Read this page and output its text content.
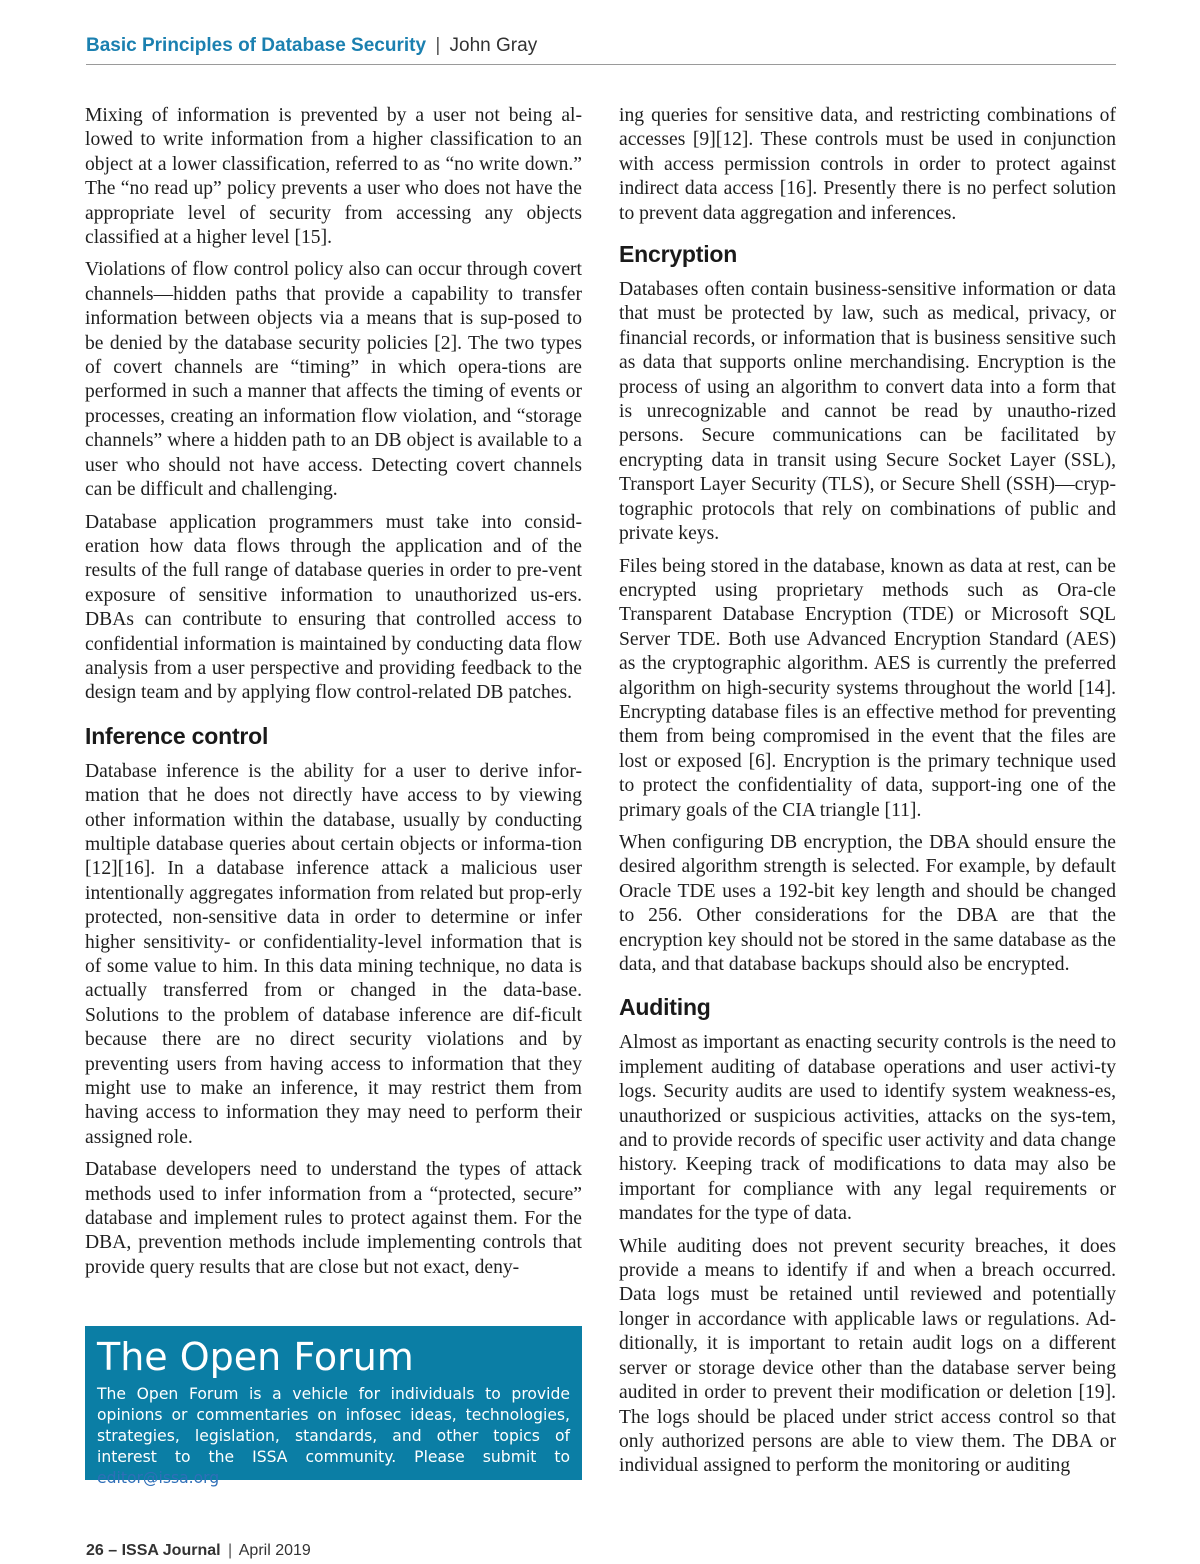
Basic Principles of Database Security | John Gray

Mixing of information is prevented by a user not being al-lowed to write information from a higher classification to an object at a lower classification, referred to as “no write down.” The “no read up” policy prevents a user who does not have the appropriate level of security from accessing any objects classified at a higher level [15].

Violations of flow control policy also can occur through covert channels—hidden paths that provide a capability to transfer information between objects via a means that is sup-posed to be denied by the database security policies [2]. The two types of covert channels are “timing” in which opera-tions are performed in such a manner that affects the timing of events or processes, creating an information flow violation, and “storage channels” where a hidden path to an DB object is available to a user who should not have access. Detecting covert channels can be difficult and challenging.

Database application programmers must take into consid-eration how data flows through the application and of the results of the full range of database queries in order to pre-vent exposure of sensitive information to unauthorized us-ers. DBAs can contribute to ensuring that controlled access to confidential information is maintained by conducting data flow analysis from a user perspective and providing feedback to the design team and by applying flow control-related DB patches.

Inference control

Database inference is the ability for a user to derive infor-mation that he does not directly have access to by viewing other information within the database, usually by conducting multiple database queries about certain objects or informa-tion [12][16]. In a database inference attack a malicious user intentionally aggregates information from related but prop-erly protected, non-sensitive data in order to determine or infer higher sensitivity- or confidentiality-level information that is of some value to him. In this data mining technique, no data is actually transferred from or changed in the data-base. Solutions to the problem of database inference are dif-ficult because there are no direct security violations and by preventing users from having access to information that they might use to make an inference, it may restrict them from having access to information they may need to perform their assigned role.

Database developers need to understand the types of attack methods used to infer information from a “protected, secure” database and implement rules to protect against them. For the DBA, prevention methods include implementing controls that provide query results that are close but not exact, deny-

ing queries for sensitive data, and restricting combinations of accesses [9][12]. These controls must be used in conjunction with access permission controls in order to protect against indirect data access [16]. Presently there is no perfect solution to prevent data aggregation and inferences.

Encryption

Databases often contain business-sensitive information or data that must be protected by law, such as medical, privacy, or financial records, or information that is business sensitive such as data that supports online merchandising. Encryption is the process of using an algorithm to convert data into a form that is unrecognizable and cannot be read by unautho-rized persons. Secure communications can be facilitated by encrypting data in transit using Secure Socket Layer (SSL), Transport Layer Security (TLS), or Secure Shell (SSH)—cryp-tographic protocols that rely on combinations of public and private keys.

Files being stored in the database, known as data at rest, can be encrypted using proprietary methods such as Ora-cle Transparent Database Encryption (TDE) or Microsoft SQL Server TDE. Both use Advanced Encryption Standard (AES) as the cryptographic algorithm. AES is currently the preferred algorithm on high-security systems throughout the world [14]. Encrypting database files is an effective method for preventing them from being compromised in the event that the files are lost or exposed [6]. Encryption is the primary technique used to protect the confidentiality of data, support-ing one of the primary goals of the CIA triangle [11].

When configuring DB encryption, the DBA should ensure the desired algorithm strength is selected. For example, by default Oracle TDE uses a 192-bit key length and should be changed to 256. Other considerations for the DBA are that the encryption key should not be stored in the same database as the data, and that database backups should also be encrypted.

Auditing

Almost as important as enacting security controls is the need to implement auditing of database operations and user activi-ty logs. Security audits are used to identify system weakness-es, unauthorized or suspicious activities, attacks on the sys-tem, and to provide records of specific user activity and data change history. Keeping track of modifications to data may also be important for compliance with any legal requirements or mandates for the type of data.

While auditing does not prevent security breaches, it does provide a means to identify if and when a breach occurred. Data logs must be retained until reviewed and potentially longer in accordance with applicable laws or regulations. Ad-ditionally, it is important to retain audit logs on a different server or storage device other than the database server being audited in order to prevent their modification or deletion [19]. The logs should be placed under strict access control so that only authorized persons are able to view them. The DBA or individual assigned to perform the monitoring or auditing

The Open Forum
The Open Forum is a vehicle for individuals to provide opinions or commentaries on infosec ideas, technologies, strategies, legislation, standards, and other topics of interest to the ISSA community. Please submit to editor@issa.org.
26 – ISSA Journal | April 2019
